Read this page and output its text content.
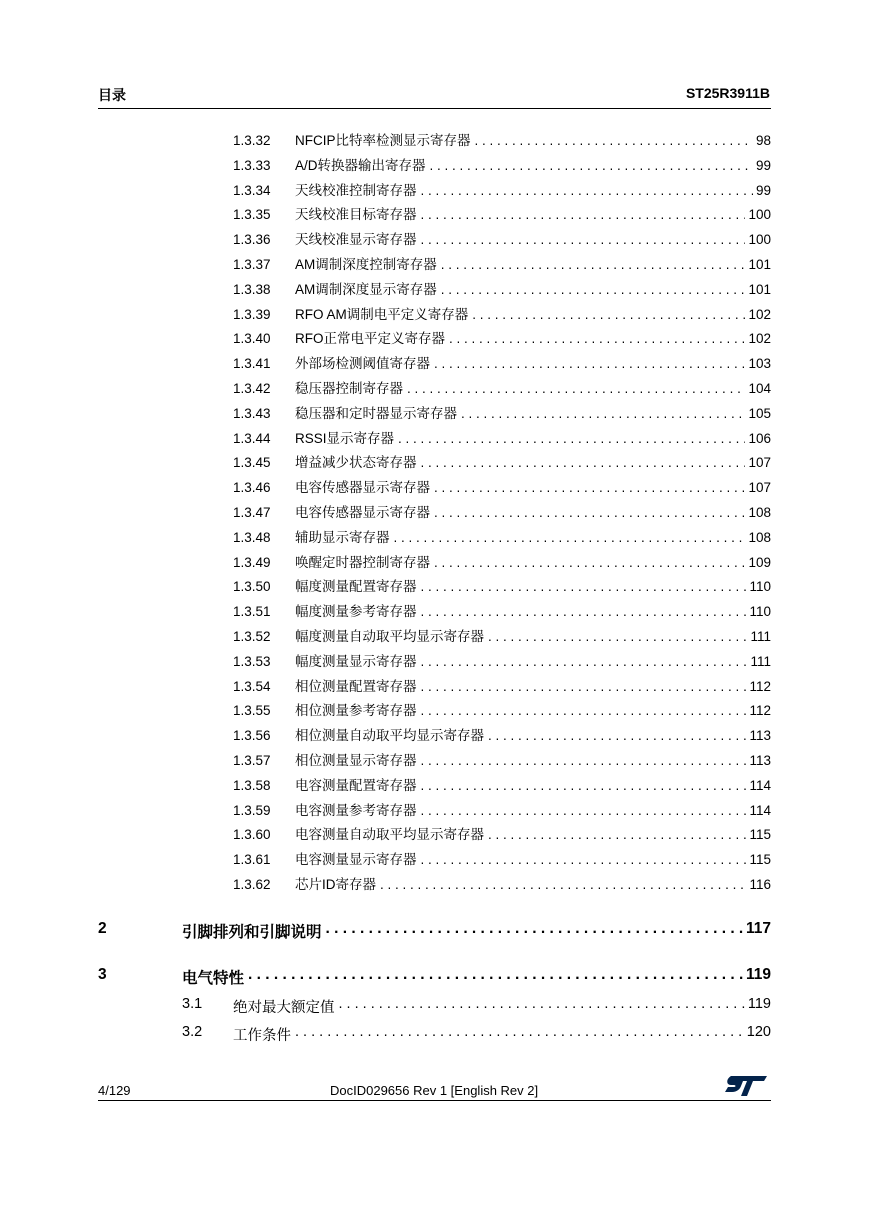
目录	ST25R3911B
1.3.32 NFCIP比特率检测显示寄存器 . . .	98
1.3.33 A/D转换器输出寄存器 . . .	99
1.3.34 天线校准控制寄存器 . . .	99
1.3.35 天线校准目标寄存器 . . .	100
1.3.36 天线校准显示寄存器 . . .	100
1.3.37 AM调制深度控制寄存器 . . .	101
1.3.38 AM调制深度显示寄存器 . . .	101
1.3.39 RFO AM调制电平定义寄存器 . . .	102
1.3.40 RFO正常电平定义寄存器 . . .	102
1.3.41 外部场检测阈值寄存器 . . .	103
1.3.42 稳压器控制寄存器 . . .	104
1.3.43 稳压器和定时器显示寄存器 . . .	105
1.3.44 RSSI显示寄存器 . . .	106
1.3.45 增益减少状态寄存器 . . .	107
1.3.46 电容传感器显示寄存器 . . .	107
1.3.47 电容传感器显示寄存器 . . .	108
1.3.48 辅助显示寄存器 . . .	108
1.3.49 唤醒定时器控制寄存器 . . .	109
1.3.50 幅度测量配置寄存器 . . .	110
1.3.51 幅度测量参考寄存器 . . .	110
1.3.52 幅度测量自动取平均显示寄存器 . . .	111
1.3.53 幅度测量显示寄存器 . . .	111
1.3.54 相位测量配置寄存器 . . .	112
1.3.55 相位测量参考寄存器 . . .	112
1.3.56 相位测量自动取平均显示寄存器 . . .	113
1.3.57 相位测量显示寄存器 . . .	113
1.3.58 电容测量配置寄存器 . . .	114
1.3.59 电容测量参考寄存器 . . .	114
1.3.60 电容测量自动取平均显示寄存器 . . .	115
1.3.61 电容测量显示寄存器 . . .	115
1.3.62 芯片ID寄存器 . . .	116
2	引脚排列和引脚说明 . . .	117
3	电气特性 . . .	119
3.1 绝对最大额定值 . . .	119
3.2 工作条件 . . .	120
4/129	DocID029656 Rev 1 [English Rev 2]
